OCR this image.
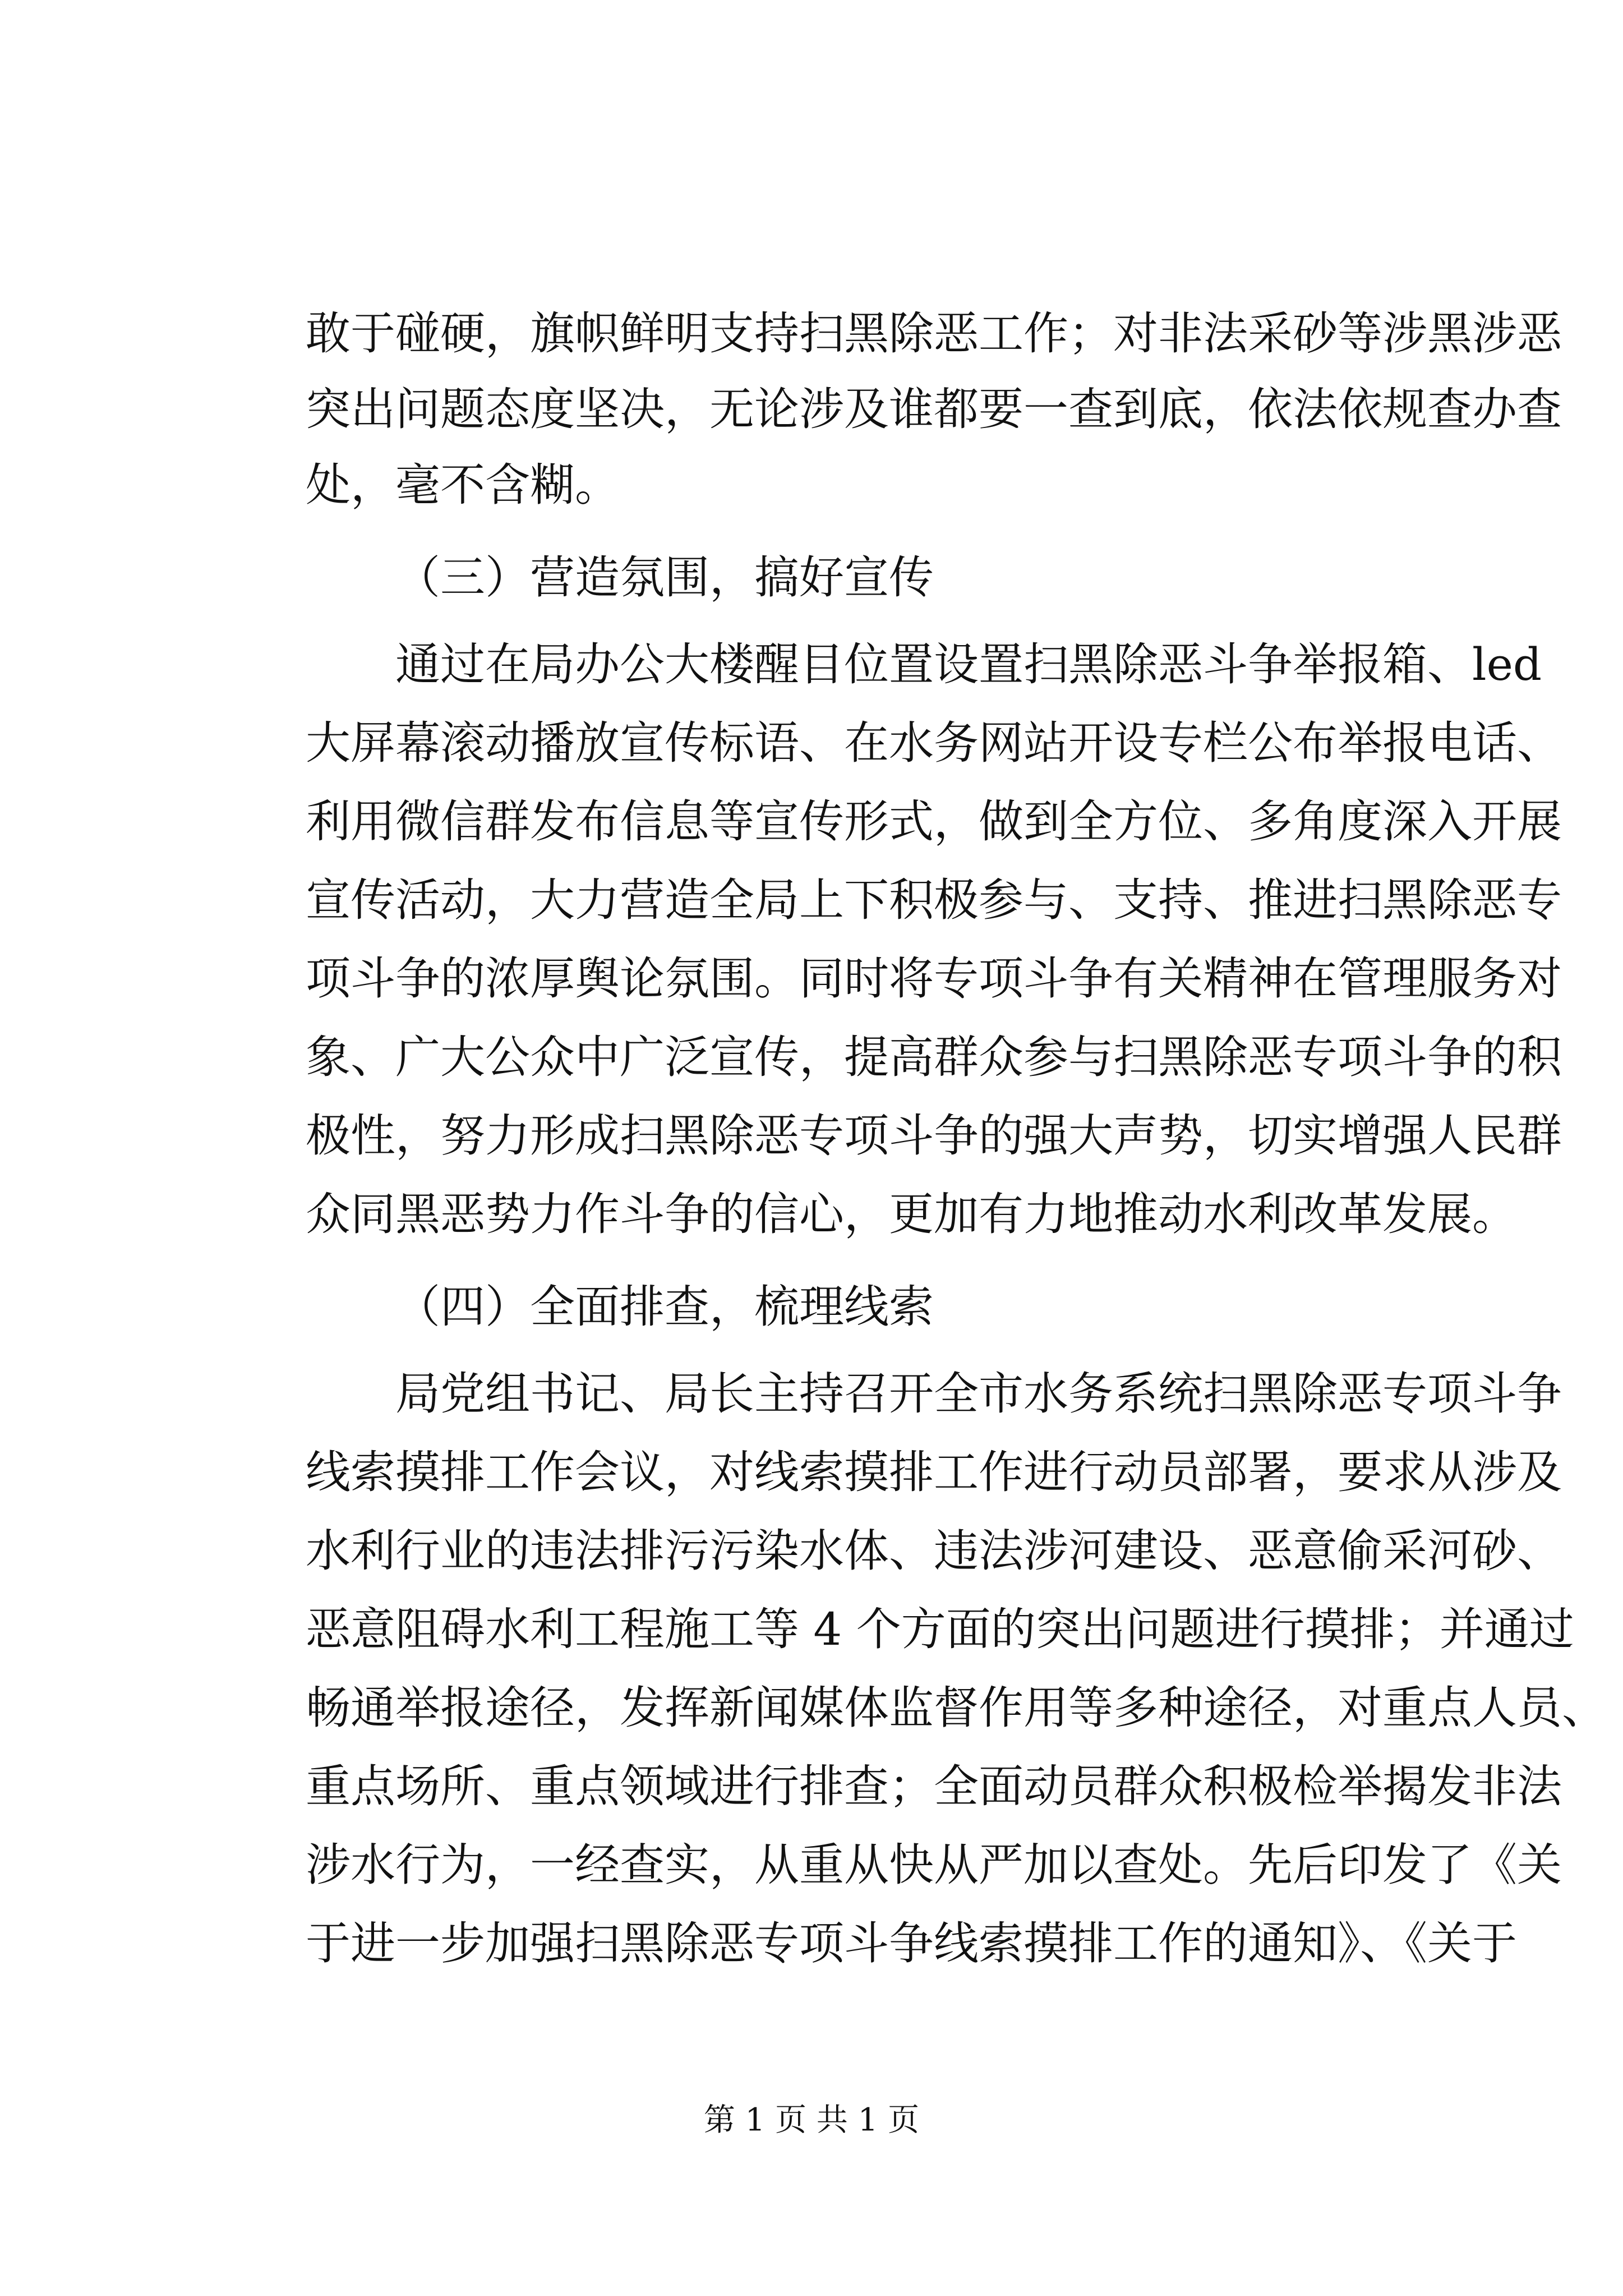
敢于碰硬，旗帜鲜明支持扫黑除恶工作；对非法采砂等涉黑涉恶

突出问题态度坚决，无论涉及谁都要一查到底，依法依规查办查

处，毫不含糊。

（三）营造氛围，搞好宣传

通过在局办公大楼醒目位置设置扫黑除恶斗争举报箱、led

大屏幕滚动播放宣传标语、在水务网站开设专栏公布举报电话、

利用微信群发布信息等宣传形式，做到全方位、多角度深入开展

宣传活动，大力营造全局上下积极参与、支持、推进扫黑除恶专

项斗争的浓厚舆论氛围。同时将专项斗争有关精神在管理服务对

象、广大公众中广泛宣传，提高群众参与扫黑除恶专项斗争的积

极性，努力形成扫黑除恶专项斗争的强大声势，切实增强人民群

众同黑恶势力作斗争的信心，更加有力地推动水利改革发展。

（四）全面排查，梳理线索

局党组书记、局长主持召开全市水务系统扫黑除恶专项斗争

线索摸排工作会议，对线索摸排工作进行动员部署，要求从涉及

水利行业的违法排污污染水体、违法涉河建设、恶意偷采河砂、

恶意阻碍水利工程施工等 4 个方面的突出问题进行摸排；并通过

畅通举报途径，发挥新闻媒体监督作用等多种途径，对重点人员、

重点场所、重点领域进行排查；全面动员群众积极检举揭发非法

涉水行为，一经查实，从重从快从严加以查处。先后印发了《关

于进一步加强扫黑除恶专项斗争线索摸排工作的通知》、《关于

第 1 页 共 1 页
